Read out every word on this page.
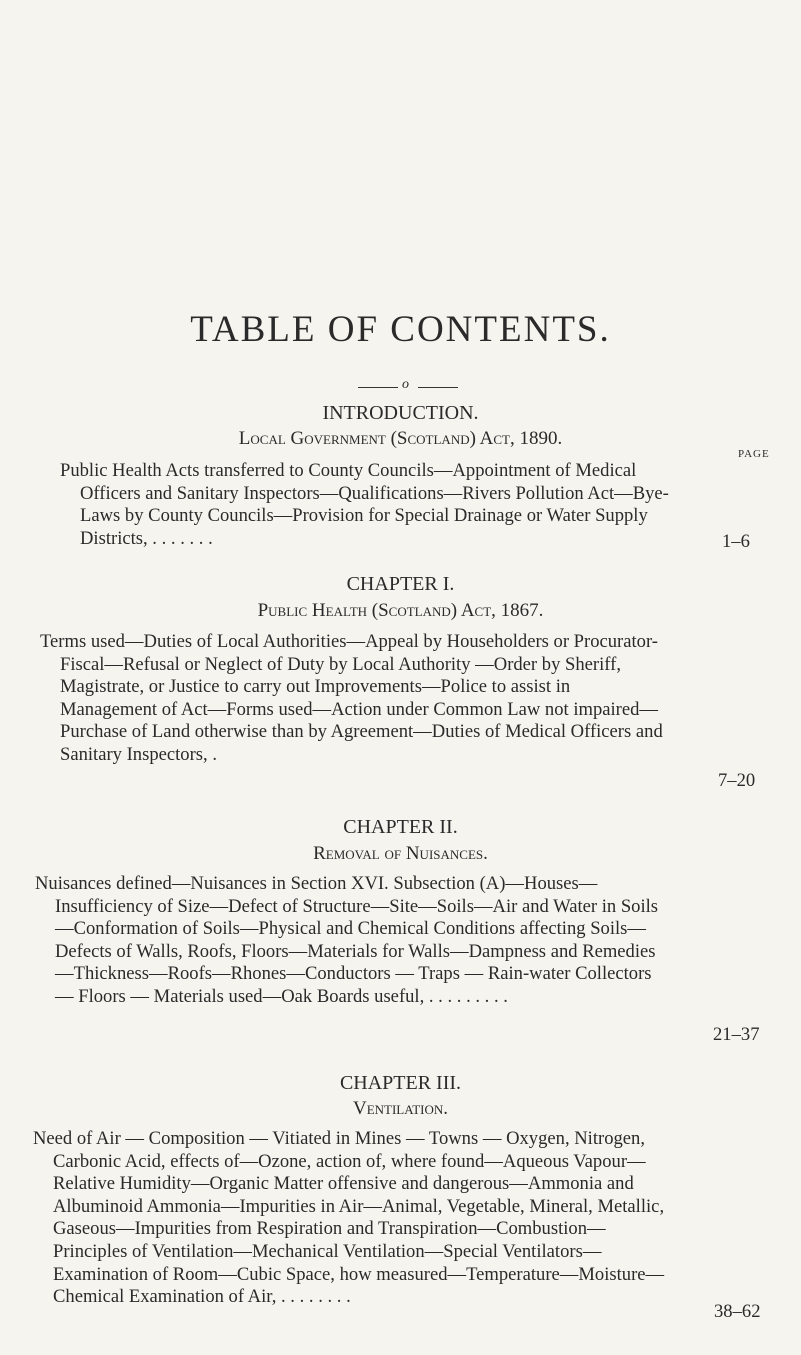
TABLE OF CONTENTS.
o
INTRODUCTION.
Local Government (Scotland) Act, 1890.
PAGE

Public Health Acts transferred to County Councils—Appointment of Medical Officers and Sanitary Inspectors—Qualifications—Rivers Pollution Act—Bye-Laws by County Councils—Provision for Special Drainage or Water Supply Districts, . . . . . . .	1–6
CHAPTER I.
Public Health (Scotland) Act, 1867.

Terms used—Duties of Local Authorities—Appeal by Householders or Procurator-Fiscal—Refusal or Neglect of Duty by Local Authority —Order by Sheriff, Magistrate, or Justice to carry out Improvements—Police to assist in Management of Act—Forms used—Action under Common Law not impaired—Purchase of Land otherwise than by Agreement—Duties of Medical Officers and Sanitary Inspectors, .

7–20
CHAPTER II.
Removal of Nuisances.

Nuisances defined—Nuisances in Section XVI. Subsection (A)—Houses—Insufficiency of Size—Defect of Structure—Site—Soils—Air and Water in Soils—Conformation of Soils—Physical and Chemical Conditions affecting Soils—Defects of Walls, Roofs, Floors—Materials for Walls—Dampness and Remedies—Thickness—Roofs—Rhones—Conductors — Traps — Rain-water Collectors — Floors — Materials used—Oak Boards useful, . . . . . . . . .

21–37
CHAPTER III.
Ventilation.

Need of Air — Composition — Vitiated in Mines — Towns — Oxygen, Nitrogen, Carbonic Acid, effects of—Ozone, action of, where found—Aqueous Vapour—Relative Humidity—Organic Matter offensive and dangerous—Ammonia and Albuminoid Ammonia—Impurities in Air—Animal, Vegetable, Mineral, Metallic, Gaseous—Impurities from Respiration and Transpiration—Combustion—Principles of Ventilation—Mechanical Ventilation—Special Ventilators—Examination of Room—Cubic Space, how measured—Temperature—Moisture—Chemical Examination of Air, . . . . . . . .

38–62
